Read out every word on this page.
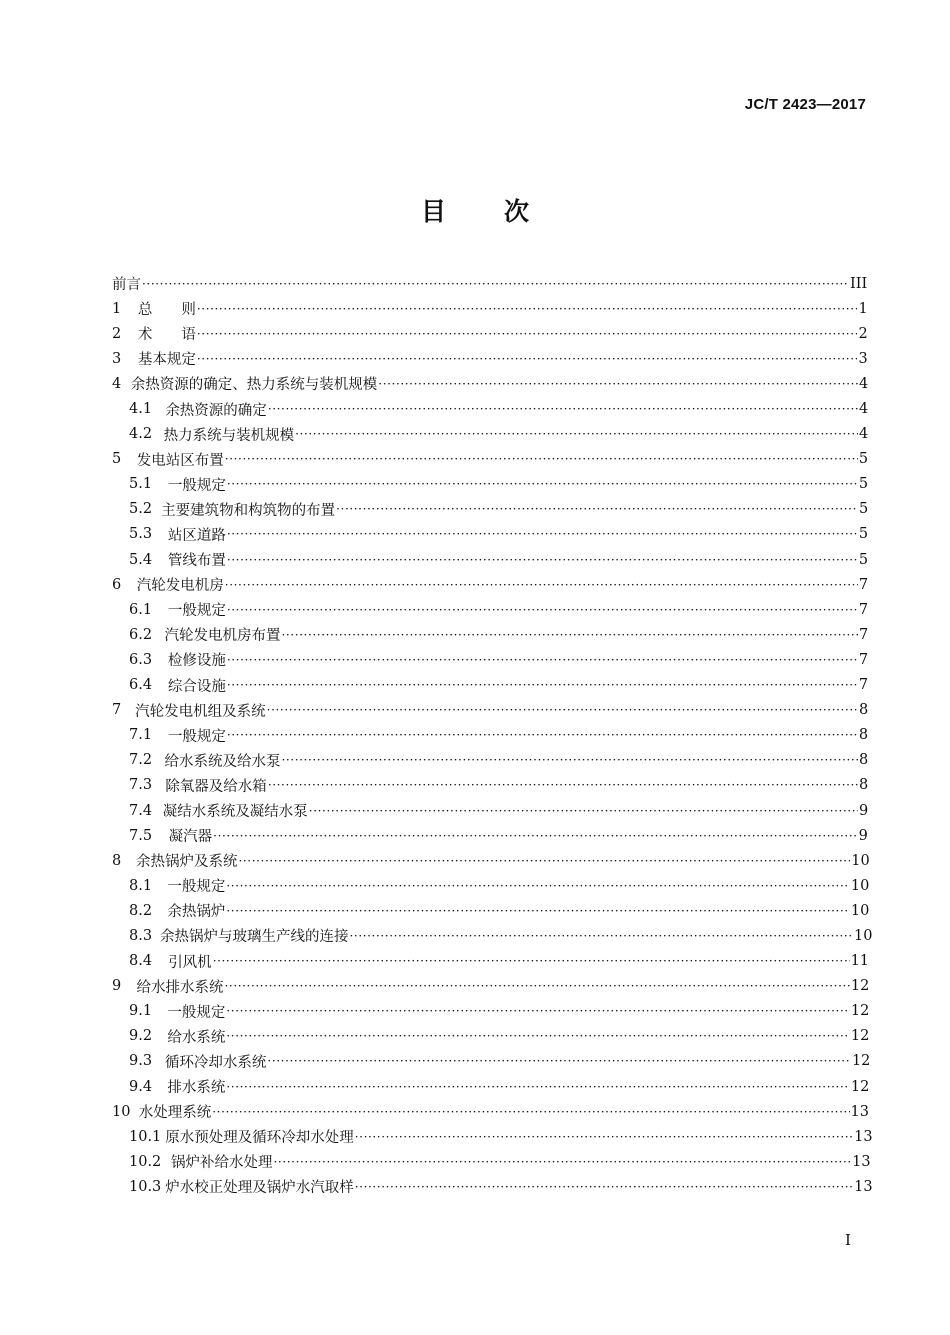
JC/T 2423—2017
目 次
前言 ·····	III
1	总　　则 ·····	1
2	术　　语 ·····	2
3	基本规定 ·····	3
4 余热资源的确定、热力系统与装机规模 ·····	4
4.1 余热资源的确定 ·····	4
4.2 热力系统与装机规模 ·····	4
5	发电站区布置 ·····	5
5.1	一般规定 ·····	5
5.2 主要建筑物和构筑物的布置 ·····	5
5.3	站区道路 ·····	5
5.4	管线布置 ·····	5
6	汽轮发电机房 ·····	7
6.1	一般规定 ·····	7
6.2 汽轮发电机房布置 ·····	7
6.3	检修设施 ·····	7
6.4	综合设施 ·····	7
7 汽轮发电机组及系统 ·····	8
7.1	一般规定 ·····	8
7.2 给水系统及给水泵 ·····	8
7.3 除氧器及给水箱 ·····	8
7.4 凝结水系统及凝结水泵 ·····	9
7.5	凝汽器 ·····	9
8	余热锅炉及系统 ·····	10
8.1	一般规定 ·····	10
8.2	余热锅炉 ·····	10
8.3 余热锅炉与玻璃生产线的连接 ·····	10
8.4	引风机 ·····	11
9	给水排水系统 ·····	12
9.1	一般规定 ·····	12
9.2	给水系统 ·····	12
9.3 循环冷却水系统 ·····	12
9.4	排水系统 ·····	12
10 水处理系统 ·····	13
10.1 原水预处理及循环冷却水处理 ·····	13
10.2 锅炉补给水处理 ·····	13
10.3 炉水校正处理及锅炉水汽取样 ·····	13
I
